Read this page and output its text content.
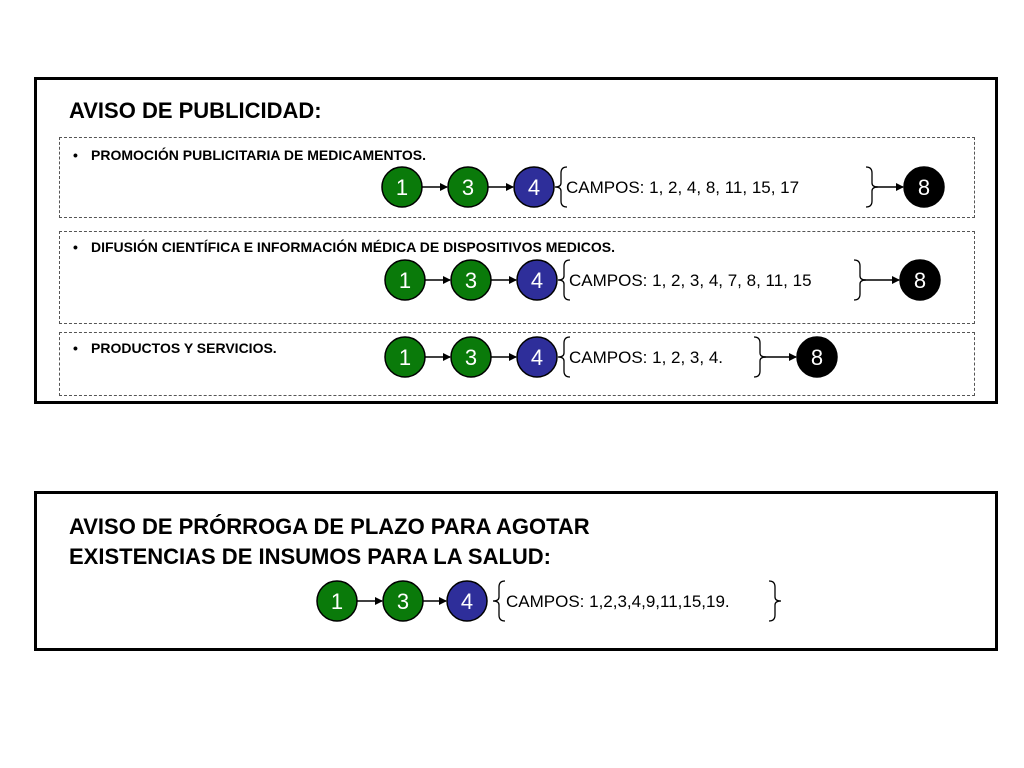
AVISO DE PUBLICIDAD:
• PROMOCIÓN PUBLICITARIA DE MEDICAMENTOS.
• DIFUSIÓN CIENTÍFICA E INFORMACIÓN MÉDICA DE DISPOSITIVOS MEDICOS.
• PRODUCTOS Y SERVICIOS.
AVISO DE PRÓRROGA DE PLAZO PARA AGOTAR
EXISTENCIAS DE INSUMOS PARA LA SALUD:
1 3 4 CAMPOS: 1, 2, 4, 8, 11, 15, 17	8
1 3 4 CAMPOS: 1, 2, 3, 4, 7, 8, 11, 15	8
1 3 4 CAMPOS: 1, 2, 3, 4.	8
1 3 4 CAMPOS: 1,2,3,4,9,11,15,19.
